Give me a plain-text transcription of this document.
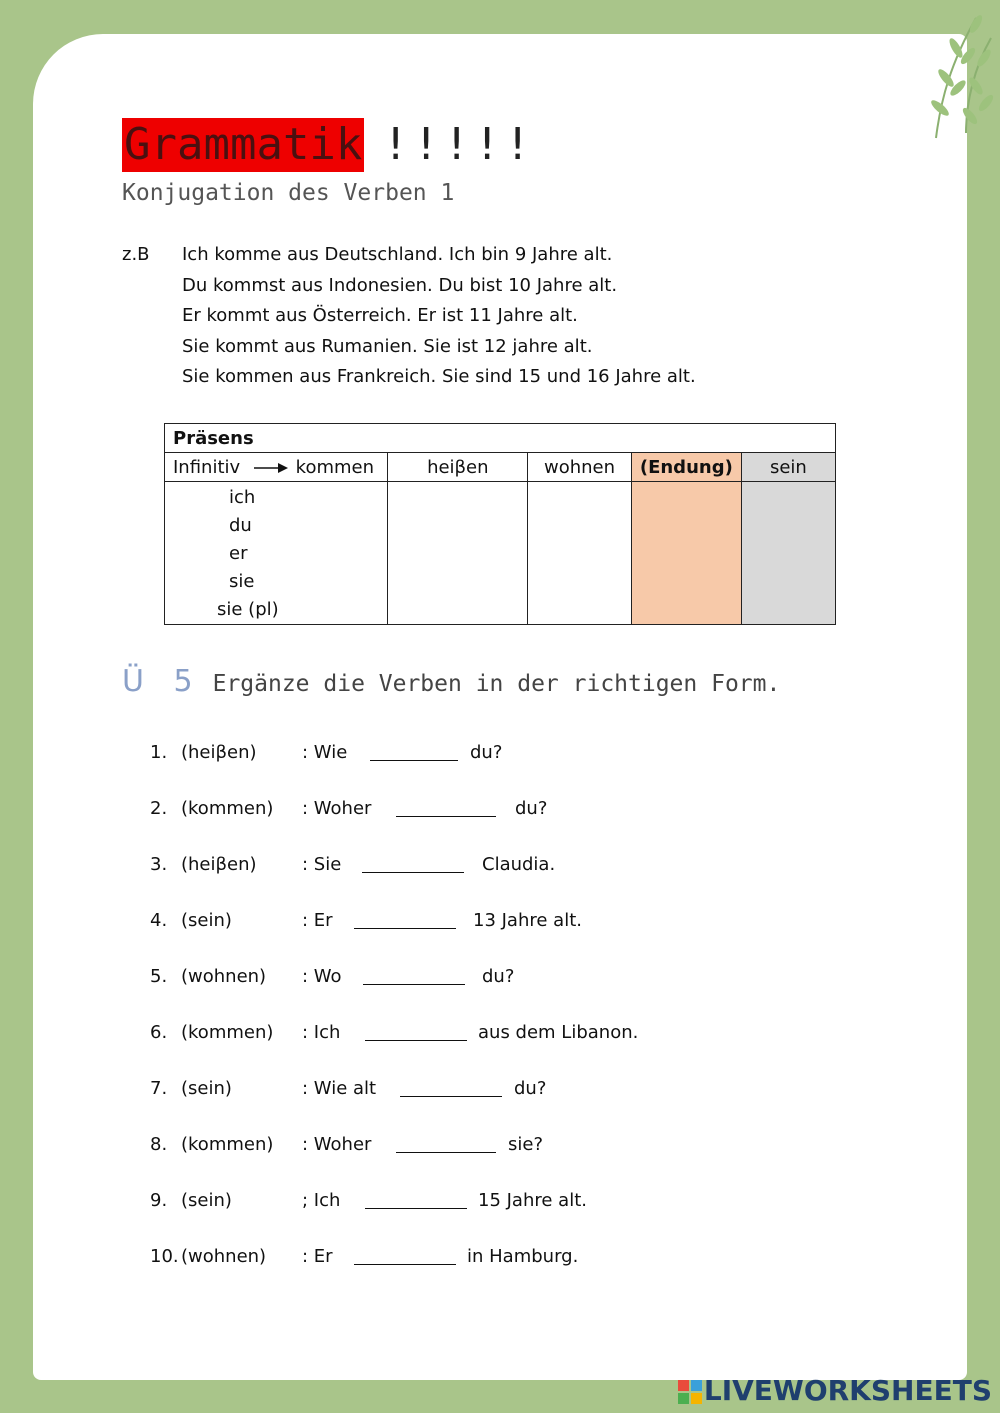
Grammatik !!!!!
Konjugation des Verben 1
z.B Ich komme aus Deutschland. Ich bin 9 Jahre alt.
Du kommst aus Indonesien. Du bist 10 Jahre alt.
Er kommt aus Österreich. Er ist 11 Jahre alt.
Sie kommt aus Rumanien. Sie ist 12 jahre alt.
Sie kommen aus Frankreich. Sie sind 15 und 16 Jahre alt.
Präsens				
Infinitiv kommen	heiβen	wohnen	(Endung)	sein

ich
du
er
sie
sie (pl)				

Ü 5 Ergänze die Verben in der richtigen Form.
1. (heiβen)	: Wie	du?
2. (kommen) : Woher	du?
3. (heiβen)	: Sie	Claudia.
4. (sein)	: Er	13 Jahre alt.
5. (wohnen) : Wo	du?
6. (kommen) : Ich	aus dem Libanon.
7. (sein)	: Wie alt	du?
8. (kommen) : Woher	sie?
9. (sein)	; Ich	15 Jahre alt.
10. (wohnen) : Er	in Hamburg.
LIVEWORKSHEETS
